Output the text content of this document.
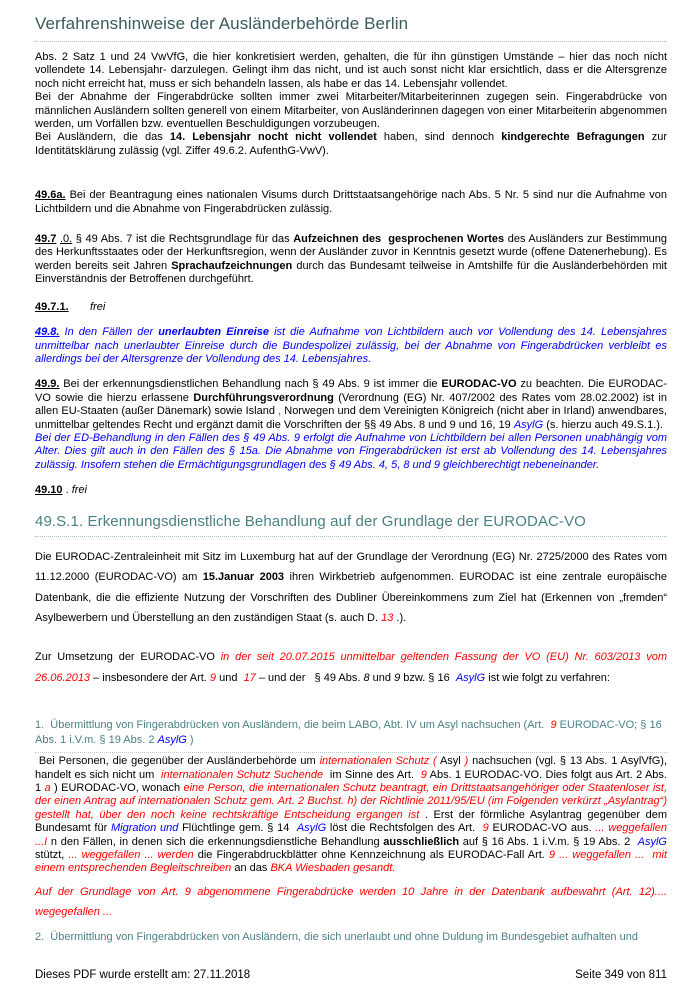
Verfahrenshinweise der Ausländerbehörde Berlin

Abs. 2 Satz 1 und 24 VwVfG, die hier konkretisiert werden, gehalten, die für ihn günstigen Umstände – hier das noch nicht vollendete 14. Lebensjahr- darzulegen. Gelingt ihm das nicht, und ist auch sonst nicht klar ersichtlich, dass er die Altersgrenze noch nicht erreicht hat, muss er sich behandeln lassen, als habe er das 14. Lebensjahr vollendet.

Bei der Abnahme der Fingerabdrücke sollten immer zwei Mitarbeiter/Mitarbeiterinnen zugegen sein. Fingerabdrücke von männlichen Ausländern sollten generell von einem Mitarbeiter, von Ausländerinnen dagegen von einer Mitarbeiterin abgenommen werden, um Vorfällen bzw. eventuellen Beschuldigungen vorzubeugen.

Bei Ausländern, die das 14. Lebensjahr nocht nicht vollendet haben, sind dennoch kindgerechte Befragungen zur Identitätsklärung zulässig (vgl. Ziffer 49.6.2. AufenthG-VwV).

49.6a. Bei der Beantragung eines nationalen Visums durch Drittstaatsangehörige nach Abs. 5 Nr. 5 sind nur die Aufnahme von Lichtbildern und die Abnahme von Fingerabdrücken zulässig.

49.7 .0. § 49 Abs. 7 ist die Rechtsgrundlage für das Aufzeichnen des  gesprochenen Wortes des Ausländers zur Bestimmung des Herkunftsstaates oder der Herkunftsregion, wenn der Ausländer zuvor in Kenntnis gesetzt wurde (offene Datenerhebung). Es werden bereits seit Jahren Sprachaufzeichnungen durch das Bundesamt teilweise in Amtshilfe für die Ausländerbehörden mit Einverständnis der Betroffenen durchgeführt.

49.7.1. frei

49.8. In den Fällen der unerlaubten Einreise ist die Aufnahme von Lichtbildern auch vor Vollendung des 14. Lebensjahres unmittelbar nach unerlaubter Einreise durch die Bundespolizei zulässig, bei der Abnahme von Fingerabdrücken verbleibt es allerdings bei der Altersgrenze der Vollendung des 14. Lebensjahres.

49.9. Bei der erkennungsdienstlichen Behandlung nach § 49 Abs. 9 ist immer die EURODAC-VO zu beachten. Die EURODAC-VO sowie die hierzu erlassene Durchführungsverordnung (Verordnung (EG) Nr. 407/2002 des Rates vom 28.02.2002) ist in allen EU-Staaten (außer Dänemark) sowie Island , Norwegen und dem Vereinigten Königreich (nicht aber in Irland) anwendbares, unmittelbar geltendes Recht und ergänzt damit die Vorschriften der §§ 49 Abs. 8 und 9 und 16, 19 AsylG (s. hierzu auch 49.S.1.).

Bei der ED-Behandlung in den Fällen des § 49 Abs. 9 erfolgt die Aufnahme von Lichtbildern bei allen Personen unabhängig vom Alter. Dies gilt auch in den Fällen des § 15a. Die Abnahme von Fingerabdrücken ist erst ab Vollendung des 14. Lebensjahres zulässig. Insofern stehen die Ermächtigungsgrundlagen des § 49 Abs. 4, 5, 8 und 9 gleichberechtigt nebeneinander.

49.10 . frei

49.S.1. Erkennungsdienstliche Behandlung auf der Grundlage der EURODAC-VO

Die EURODAC-Zentraleinheit mit Sitz im Luxemburg hat auf der Grundlage der Verordnung (EG) Nr. 2725/2000 des Rates vom 11.12.2000 (EURODAC-VO) am 15.Januar 2003 ihren Wirkbetrieb aufgenommen. EURODAC ist eine zentrale europäische Datenbank, die die effiziente Nutzung der Vorschriften des Dubliner Übereinkommens zum Ziel hat (Erkennen von „fremden“ Asylbewerbern und Überstellung an den zuständigen Staat (s. auch D. 13 .).

Zur Umsetzung der EURODAC-VO in der seit 20.07.2015 unmittelbar geltenden Fassung der VO (EU) Nr. 603/2013 vom 26.06.2013 – insbesondere der Art. 9 und  17 – und der   § 49 Abs. 8 und 9 bzw. § 16  AsylG ist wie folgt zu verfahren:

1.  Übermittlung von Fingerabdrücken von Ausländern, die beim LABO, Abt. IV um Asyl nachsuchen (Art.  9 EURODAC-VO; § 16 Abs. 1 i.V.m. § 19 Abs. 2 AsylG )

Bei Personen, die gegenüber der Ausländerbehörde um internationalen Schutz ( Asyl ) nachsuchen (vgl. § 13 Abs. 1 AsylVfG), handelt es sich nicht um  internationalen Schutz Suchende  im Sinne des Art.  9 Abs. 1 EURODAC-VO. Dies folgt aus Art. 2 Abs. 1 a ) EURODAC-VO, wonach eine Person, die internationalen Schutz beantragt, ein Drittstaatsangehöriger oder Staatenloser ist, der einen Antrag auf internationalen Schutz gem. Art. 2 Buchst. h) der Richtlinie 2011/95/EU (im Folgenden verkürzt „Asylantrag“) gestellt hat, über den noch keine rechtskräftige Entscheidung ergangen ist . Erst der förmliche Asylantrag gegenüber dem Bundesamt für Migration und Flüchtlinge gem. § 14  AsylG löst die Rechtsfolgen des Art.  9 EURODAC-VO aus. ... weggefallen ...I n den Fällen, in denen sich die erkennungsdienstliche Behandlung ausschließlich auf § 16 Abs. 1 i.V.m. § 19 Abs. 2  AsylG stützt, ... weggefallen ... werden die Fingerabdruckblätter ohne Kennzeichnung als EURODAC-Fall Art. 9 ... weggefallen ...  mit einem entsprechenden Begleitschreiben an das BKA Wiesbaden gesandt.

Auf der Grundlage von Art. 9 abgenommene Fingerabdrücke werden 10 Jahre in der Datenbank aufbewahrt (Art. 12).... wegegefallen ...

2.  Übermittlung von Fingerabdrücken von Ausländern, die sich unerlaubt und ohne Duldung im Bundesgebiet aufhalten und

Dieses PDF wurde erstellt am: 27.11.2018	Seite 349 von 811
